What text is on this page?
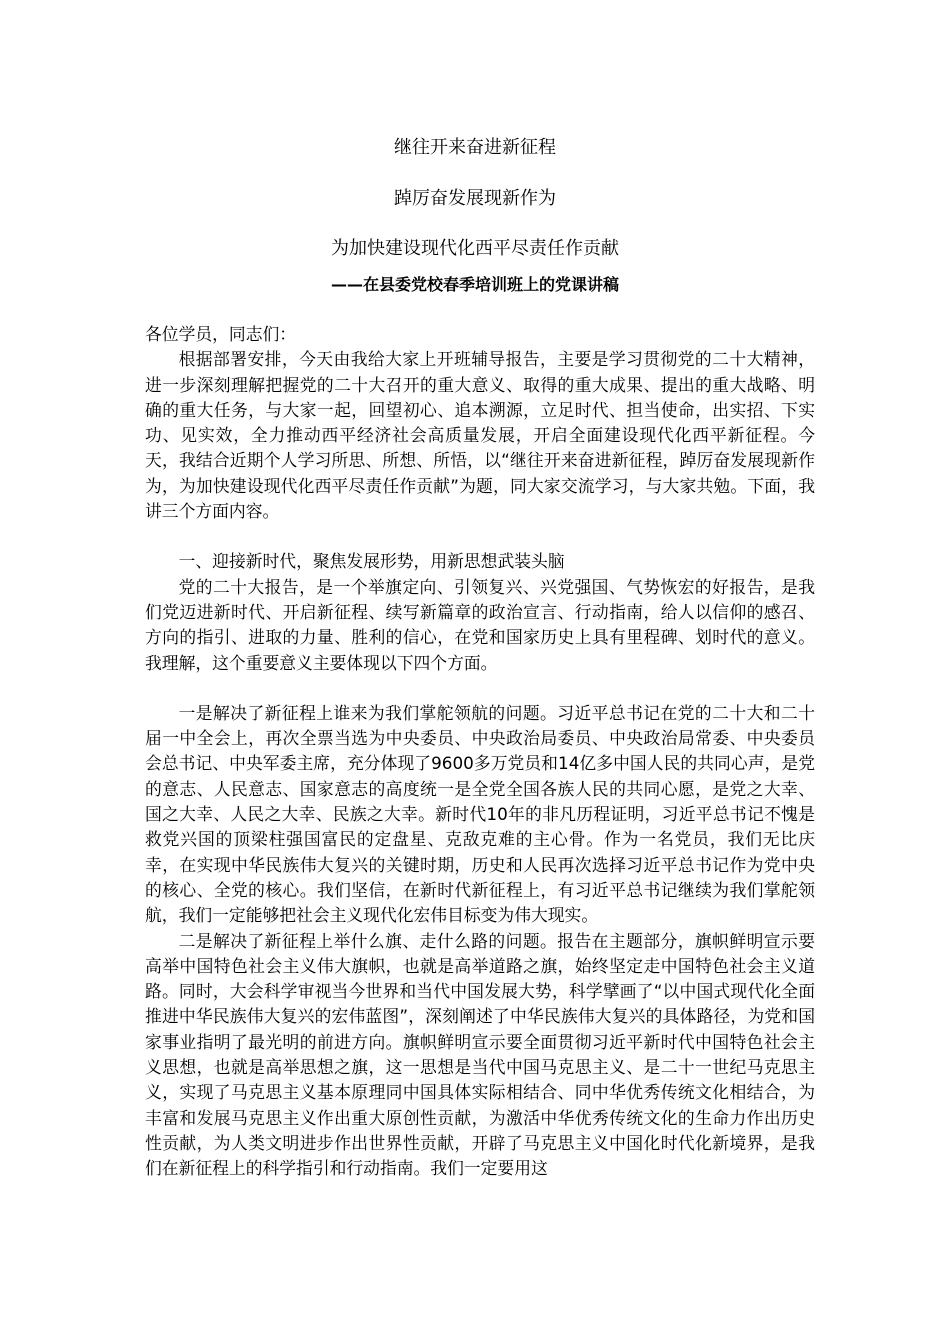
继往开来奋进新征程
踔厉奋发展现新作为
为加快建设现代化西平尽责任作贡献
——在县委党校春季培训班上的党课讲稿

各位学员，同志们：

根据部署安排，今天由我给大家上开班辅导报告，主要是学习贯彻党的二十大精神，进一步深刻理解把握党的二十大召开的重大意义、取得的重大成果、提出的重大战略、明确的重大任务，与大家一起，回望初心、追本溯源，立足时代、担当使命，出实招、下实功、见实效，全力推动西平经济社会高质量发展，开启全面建设现代化西平新征程。今天，我结合近期个人学习所思、所想、所悟，以“继往开来奋进新征程，踔厉奋发展现新作为，为加快建设现代化西平尽责任作贡献”为题，同大家交流学习，与大家共勉。下面，我讲三个方面内容。

一、迎接新时代，聚焦发展形势，用新思想武装头脑

党的二十大报告，是一个举旗定向、引领复兴、兴党强国、气势恢宏的好报告，是我们党迈进新时代、开启新征程、续写新篇章的政治宣言、行动指南，给人以信仰的感召、方向的指引、进取的力量、胜利的信心，在党和国家历史上具有里程碑、划时代的意义。我理解，这个重要意义主要体现以下四个方面。

一是解决了新征程上谁来为我们掌舵领航的问题。习近平总书记在党的二十大和二十届一中全会上，再次全票当选为中央委员、中央政治局委员、中央政治局常委、中央委员会总书记、中央军委主席，充分体现了9600多万党员和14亿多中国人民的共同心声，是党的意志、人民意志、国家意志的高度统一是全党全国各族人民的共同心愿，是党之大幸、国之大幸、人民之大幸、民族之大幸。新时代10年的非凡历程证明，习近平总书记不愧是救党兴国的顶梁柱强国富民的定盘星、克敌克难的主心骨。作为一名党员，我们无比庆幸，在实现中华民族伟大复兴的关键时期，历史和人民再次选择习近平总书记作为党中央的核心、全党的核心。我们坚信，在新时代新征程上，有习近平总书记继续为我们掌舵领航，我们一定能够把社会主义现代化宏伟目标变为伟大现实。

二是解决了新征程上举什么旗、走什么路的问题。报告在主题部分，旗帜鲜明宣示要高举中国特色社会主义伟大旗帜，也就是高举道路之旗，始终坚定走中国特色社会主义道路。同时，大会科学审视当今世界和当代中国发展大势，科学擘画了“以中国式现代化全面推进中华民族伟大复兴的宏伟蓝图”，深刻阐述了中华民族伟大复兴的具体路径，为党和国家事业指明了最光明的前进方向。旗帜鲜明宣示要全面贯彻习近平新时代中国特色社会主义思想，也就是高举思想之旗，这一思想是当代中国马克思主义、是二十一世纪马克思主义，实现了马克思主义基本原理同中国具体实际相结合、同中华优秀传统文化相结合，为丰富和发展马克思主义作出重大原创性贡献，为激活中华优秀传统文化的生命力作出历史性贡献，为人类文明进步作出世界性贡献，开辟了马克思主义中国化时代化新境界，是我们在新征程上的科学指引和行动指南。我们一定要用这
